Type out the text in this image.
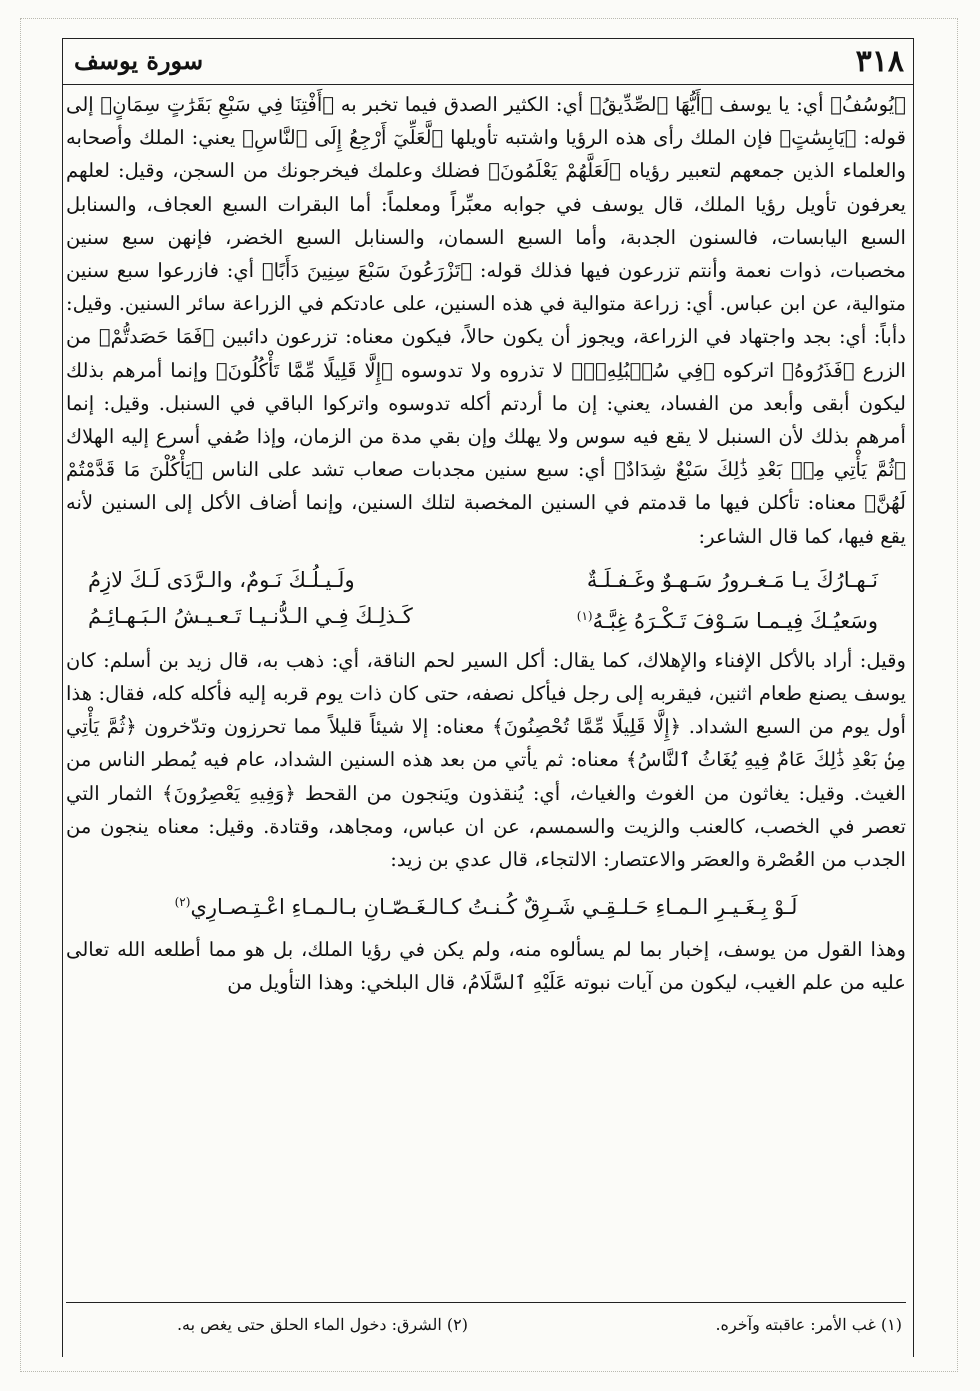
٣١٨
سورة يوسف

﴿يُوسُفُ﴾ أي: يا يوسف ﴿أَيُّهَا ٱلصِّدِّيقُ﴾ أي: الكثير الصدق فيما تخبر به ﴿أَفْتِنَا فِي سَبْعِ بَقَرَٰتٍ سِمَانٍ﴾ إلى قوله: ﴿يَابِسَٰتٍ﴾ فإن الملك رأى هذه الرؤيا واشتبه تأويلها ﴿لَّعَلِّيٓ أَرْجِعُ إِلَى ٱلنَّاسِ﴾ يعني: الملك وأصحابه والعلماء الذين جمعهم لتعبير رؤياه ﴿لَعَلَّهُمْ يَعْلَمُونَ﴾ فضلك وعلمك فيخرجونك من السجن، وقيل: لعلهم يعرفون تأويل رؤيا الملك، قال يوسف في جوابه معبِّراً ومعلماً: أما البقرات السبع العجاف، والسنابل السبع اليابسات، فالسنون الجدبة، وأما السبع السمان، والسنابل السبع الخضر، فإنهن سبع سنين مخصبات، ذوات نعمة وأنتم تزرعون فيها فذلك قوله: ﴿تَزْرَعُونَ سَبْعَ سِنِينَ دَأَبًا﴾ أي: فازرعوا سبع سنين متوالية، عن ابن عباس. أي: زراعة متوالية في هذه السنين، على عادتكم في الزراعة سائر السنين. وقيل: دأباً: أي: بجد واجتهاد في الزراعة، ويجوز أن يكون حالاً، فيكون معناه: تزرعون دائبين ﴿فَمَا حَصَدتُّمْ﴾ من الزرع ﴿فَذَرُوهُ﴾ اتركوه ﴿فِي سُنۢبُلِهِۦٓ﴾ لا تذروه ولا تدوسوه ﴿إِلَّا قَلِيلًا مِّمَّا تَأْكُلُونَ﴾ وإنما أمرهم بذلك ليكون أبقى وأبعد من الفساد، يعني: إن ما أردتم أكله تدوسوه واتركوا الباقي في السنبل. وقيل: إنما أمرهم بذلك لأن السنبل لا يقع فيه سوس ولا يهلك وإن بقي مدة من الزمان، وإذا صُفي أسرع إليه الهلاك ﴿ثُمَّ يَأْتِي مِنۢ بَعْدِ ذَٰلِكَ سَبْعٌ شِدَادٌ﴾ أي: سبع سنين مجدبات صعاب تشد على الناس ﴿يَأْكُلْنَ مَا قَدَّمْتُمْ لَهُنَّ﴾ معناه: تأكلن فيها ما قدمتم في السنين المخصبة لتلك السنين، وإنما أضاف الأكل إلى السنين لأنه يقع فيها، كما قال الشاعر:

نَـهـارُكَ يـا مَـغـرورُ سَـهـوٌ وغَـفـلَـةٌ
ولَـيـلُـكَ نَـومٌ، والـرَّدَى لَـكَ لازِمُ
وسَعيُـكَ فِيـمـا سَـوْفَ تَـكْـرَهُ غِبَّـهُ$^{(١)}$
كَـذلِـكَ فِـي الـدُّنـيـا تَـعـيـشُ الـبَـهـائِـمُ

وقيل: أراد بالأكل الإفناء والإهلاك، كما يقال: أكل السير لحم الناقة، أي: ذهب به، قال زيد بن أسلم: كان يوسف يصنع طعام اثنين، فيقربه إلى رجل فيأكل نصفه، حتى كان ذات يوم قربه إليه فأكله كله، فقال: هذا أول يوم من السبع الشداد. ﴿إِلَّا قَلِيلًا مِّمَّا تُحْصِنُونَ﴾ معناه: إلا شيئاً قليلاً مما تحرزون وتدّخرون ﴿ثُمَّ يَأْتِي مِنۢ بَعْدِ ذَٰلِكَ عَامٌ فِيهِ يُغَاثُ ٱلنَّاسُ﴾ معناه: ثم يأتي من بعد هذه السنين الشداد، عام فيه يُمطر الناس من الغيث. وقيل: يغاثون من الغوث والغياث، أي: يُنقذون ويَنجون من القحط ﴿وَفِيهِ يَعْصِرُونَ﴾ الثمار التي تعصر في الخصب، كالعنب والزيت والسمسم، عن ان عباس، ومجاهد، وقتادة. وقيل: معناه ينجون من الجدب من العُصْرة والعصَر والاعتصار: الالتجاء، قال عدي بن زيد:

لَـوْ بِـغَـيـرِ الـمـاءِ حَـلـقِـي شَـرِقٌ كُـنـتُ كـالـغَـصّـانِ بـالـمـاءِ اعْـتِـصـارِي$^{(٢)}$

وهذا القول من يوسف، إخبار بما لم يسألوه منه، ولم يكن في رؤيا الملك، بل هو مما أطلعه الله تعالى عليه من علم الغيب، ليكون من آيات نبوته عَلَيْهِ ٱلسَّلَامُ، قال البلخي: وهذا التأويل من

(١) غب الأمر: عاقبته وآخره.
(٢) الشرق: دخول الماء الحلق حتى يغص به.
